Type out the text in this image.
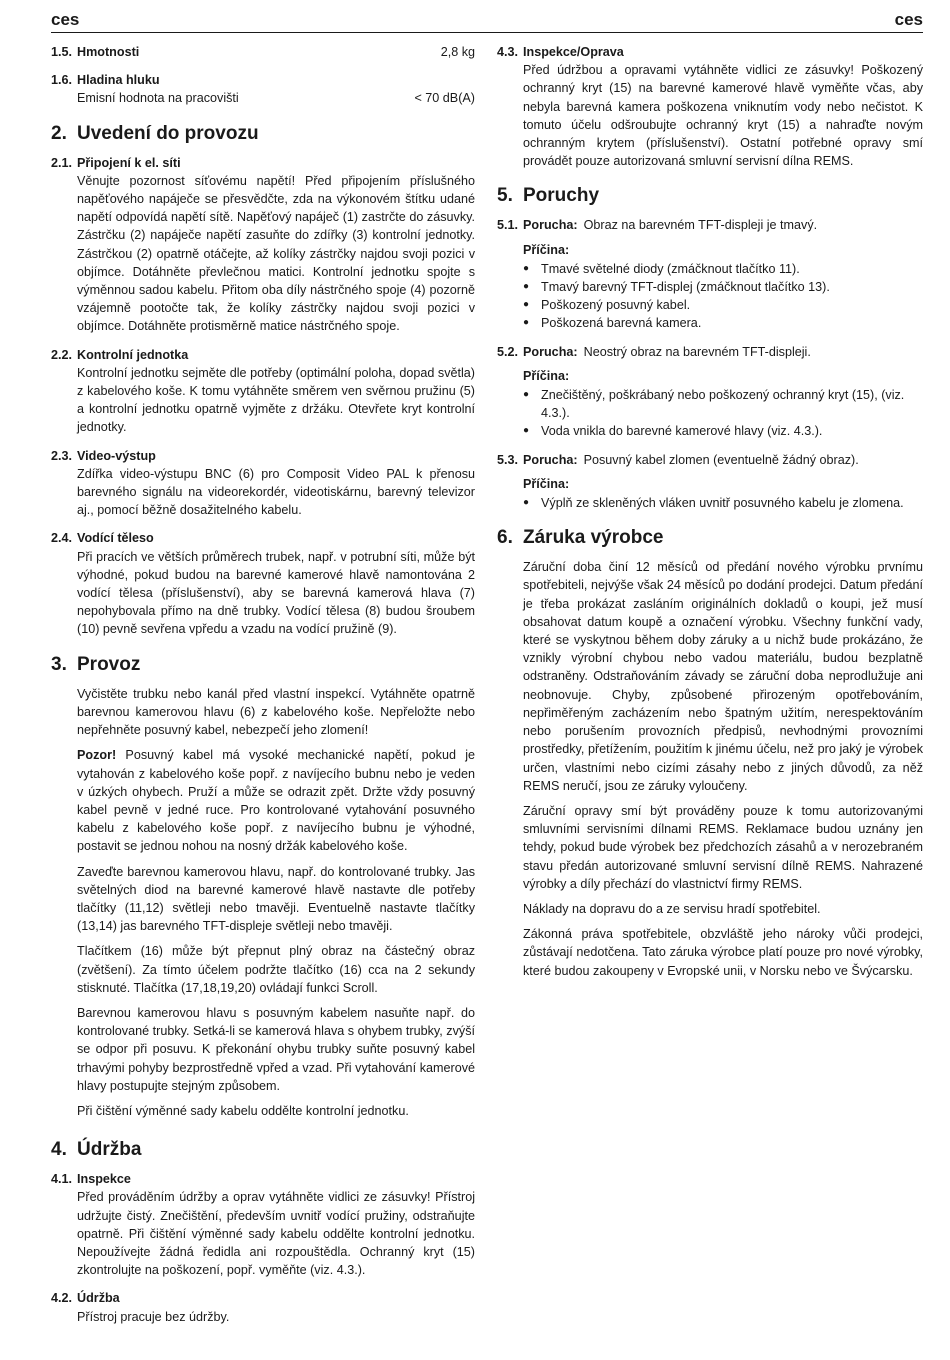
ces	ces
1.5. Hmotnosti	2,8 kg
1.6. Hladina hluku
Emisní hodnota na pracovišti	< 70 dB(A)
2. Uvedení do provozu
2.1. Připojení k el. síti

Věnujte pozornost síťovému napětí! Před připojením příslušného napěťového napáječe se přesvědčte, zda na výkonovém štítku udané napětí odpovídá napětí sítě. Napěťový napáječ (1) zastrčte do zásuvky. Zástrčku (2) napáječe napětí zasuňte do zdířky (3) kontrolní jednotky. Zástrčkou (2) opatrně otáčejte, až kolíky zástrčky najdou svoji pozici v objímce. Dotáhněte převlečnou matici. Kontrolní jednotku spojte s výměnnou sadou kabelu. Přitom oba díly nástrčného spoje (4) pozorně vzájemně pootočte tak, že kolíky zástrčky najdou svoji pozici v objímce. Dotáhněte protisměrně matice nástrčného spoje.

2.2. Kontrolní jednotka

Kontrolní jednotku sejměte dle potřeby (optimální poloha, dopad světla) z kabelového koše. K tomu vytáhněte směrem ven svěrnou pružinu (5) a kontrolní jednotku opatrně vyjměte z držáku. Otevřete kryt kontrolní jednotky.

2.3. Video-výstup

Zdířka video-výstupu BNC (6) pro Composit Video PAL k přenosu barevného signálu na videorekordér, videotiskárnu, barevný televizor aj., pomocí běžně dosažitelného kabelu.

2.4. Vodící těleso

Při pracích ve větších průměrech trubek, např. v potrubní síti, může být výhodné, pokud budou na barevné kamerové hlavě namontována 2 vodící tělesa (příslušenství), aby se barevná kamerová hlava (7) nepohybovala přímo na dně trubky. Vodící tělesa (8) budou šroubem (10) pevně sevřena vpředu a vzadu na vodící pružině (9).

3. Provoz

Vyčistěte trubku nebo kanál před vlastní inspekcí. Vytáhněte opatrně barevnou kamerovou hlavu (6) z kabelového koše. Nepřeložte nebo nepřehněte posuvný kabel, nebezpečí jeho zlomení!

Pozor! Posuvný kabel má vysoké mechanické napětí, pokud je vytahován z kabelového koše popř. z navíjecího bubnu nebo je veden v úzkých ohybech. Pruží a může se odrazit zpět. Držte vždy posuvný kabel pevně v jedné ruce. Pro kontrolované vytahování posuvného kabelu z kabelového koše popř. z navíjecího bubnu je výhodné, postavit se jednou nohou na nosný držák kabelového koše.

Zaveďte barevnou kamerovou hlavu, např. do kontrolované trubky. Jas světelných diod na barevné kamerové hlavě nastavte dle potřeby tlačítky (11,12) světleji nebo tmavěji. Eventuelně nastavte tlačítky (13,14) jas barevného TFT-displeje světleji nebo tmavěji.

Tlačítkem (16) může být přepnut plný obraz na částečný obraz (zvětšení). Za tímto účelem podržte tlačítko (16) cca na 2 sekundy stisknuté. Tlačítka (17,18,19,20) ovládají funkci Scroll.

Barevnou kamerovou hlavu s posuvným kabelem nasuňte např. do kontrolované trubky. Setká-li se kamerová hlava s ohybem trubky, zvýší se odpor při posuvu. K překonání ohybu trubky suňte posuvný kabel trhavými pohyby bezprostředně vpřed a vzad. Při vytahování kamerové hlavy postupujte stejným způsobem.

Při čištění výměnné sady kabelu oddělte kontrolní jednotku.

4. Údržba
4.1. Inspekce

Před prováděním údržby a oprav vytáhněte vidlici ze zásuvky! Přístroj udržujte čistý. Znečištění, především uvnitř vodící pružiny, odstraňujte opatrně. Při čištění výměnné sady kabelu oddělte kontrolní jednotku. Nepoužívejte žádná ředidla ani rozpouštědla. Ochranný kryt (15) zkontrolujte na poškození, popř. vyměňte (viz. 4.3.).

4.2. Údržba

Přístroj pracuje bez údržby.

4.3. Inspekce/Oprava

Před údržbou a opravami vytáhněte vidlici ze zásuvky! Poškozený ochranný kryt (15) na barevné kamerové hlavě vyměňte včas, aby nebyla barevná kamera poškozena vniknutím vody nebo nečistot. K tomuto účelu odšroubujte ochranný kryt (15) a nahraďte novým ochranným krytem (příslušenství). Ostatní potřebné opravy smí provádět pouze autorizovaná smluvní servisní dílna REMS.

5. Poruchy
5.1. Porucha: Obraz na barevném TFT-displeji je tmavý.
Příčina:
● Tmavé světelné diody (zmáčknout tlačítko 11).
● Tmavý barevný TFT-displej (zmáčknout tlačítko 13).
● Poškozený posuvný kabel.
● Poškozená barevná kamera.
5.2. Porucha: Neostrý obraz na barevném TFT-displeji.
Příčina:
● Znečištěný, poškrábaný nebo poškozený ochranný kryt (15), (viz. 4.3.).
● Voda vnikla do barevné kamerové hlavy (viz. 4.3.).
5.3. Porucha: Posuvný kabel zlomen (eventuelně žádný obraz).
Příčina:
● Výplň ze skleněných vláken uvnitř posuvného kabelu je zlomena.
6. Záruka výrobce

Záruční doba činí 12 měsíců od předání nového výrobku prvnímu spotřebiteli, nejvýše však 24 měsíců po dodání prodejci. Datum předání je třeba prokázat zasláním originálních dokladů o koupi, jež musí obsahovat datum koupě a označení výrobku. Všechny funkční vady, které se vyskytnou během doby záruky a u nichž bude prokázáno, že vznikly výrobní chybou nebo vadou materiálu, budou bezplatně odstraněny. Odstraňováním závady se záruční doba neprodlužuje ani neobnovuje. Chyby, způsobené přirozeným opotřebováním, nepřiměřeným zacházením nebo špatným užitím, nerespektováním nebo porušením provozních předpisů, nevhodnými provozními prostředky, přetížením, použitím k jinému účelu, než pro jaký je výrobek určen, vlastními nebo cizími zásahy nebo z jiných důvodů, za něž REMS neručí, jsou ze záruky vyloučeny.

Záruční opravy smí být prováděny pouze k tomu autorizovanými smluvními servisními dílnami REMS. Reklamace budou uznány jen tehdy, pokud bude výrobek bez předchozích zásahů a v nerozebraném stavu předán autorizované smluvní servisní dílně REMS. Nahrazené výrobky a díly přechází do vlastnictví firmy REMS.

Náklady na dopravu do a ze servisu hradí spotřebitel.

Zákonná práva spotřebitele, obzvláště jeho nároky vůči prodejci, zůstávají nedotčena. Tato záruka výrobce platí pouze pro nové výrobky, které budou zakoupeny v Evropské unii, v Norsku nebo ve Švýcarsku.
